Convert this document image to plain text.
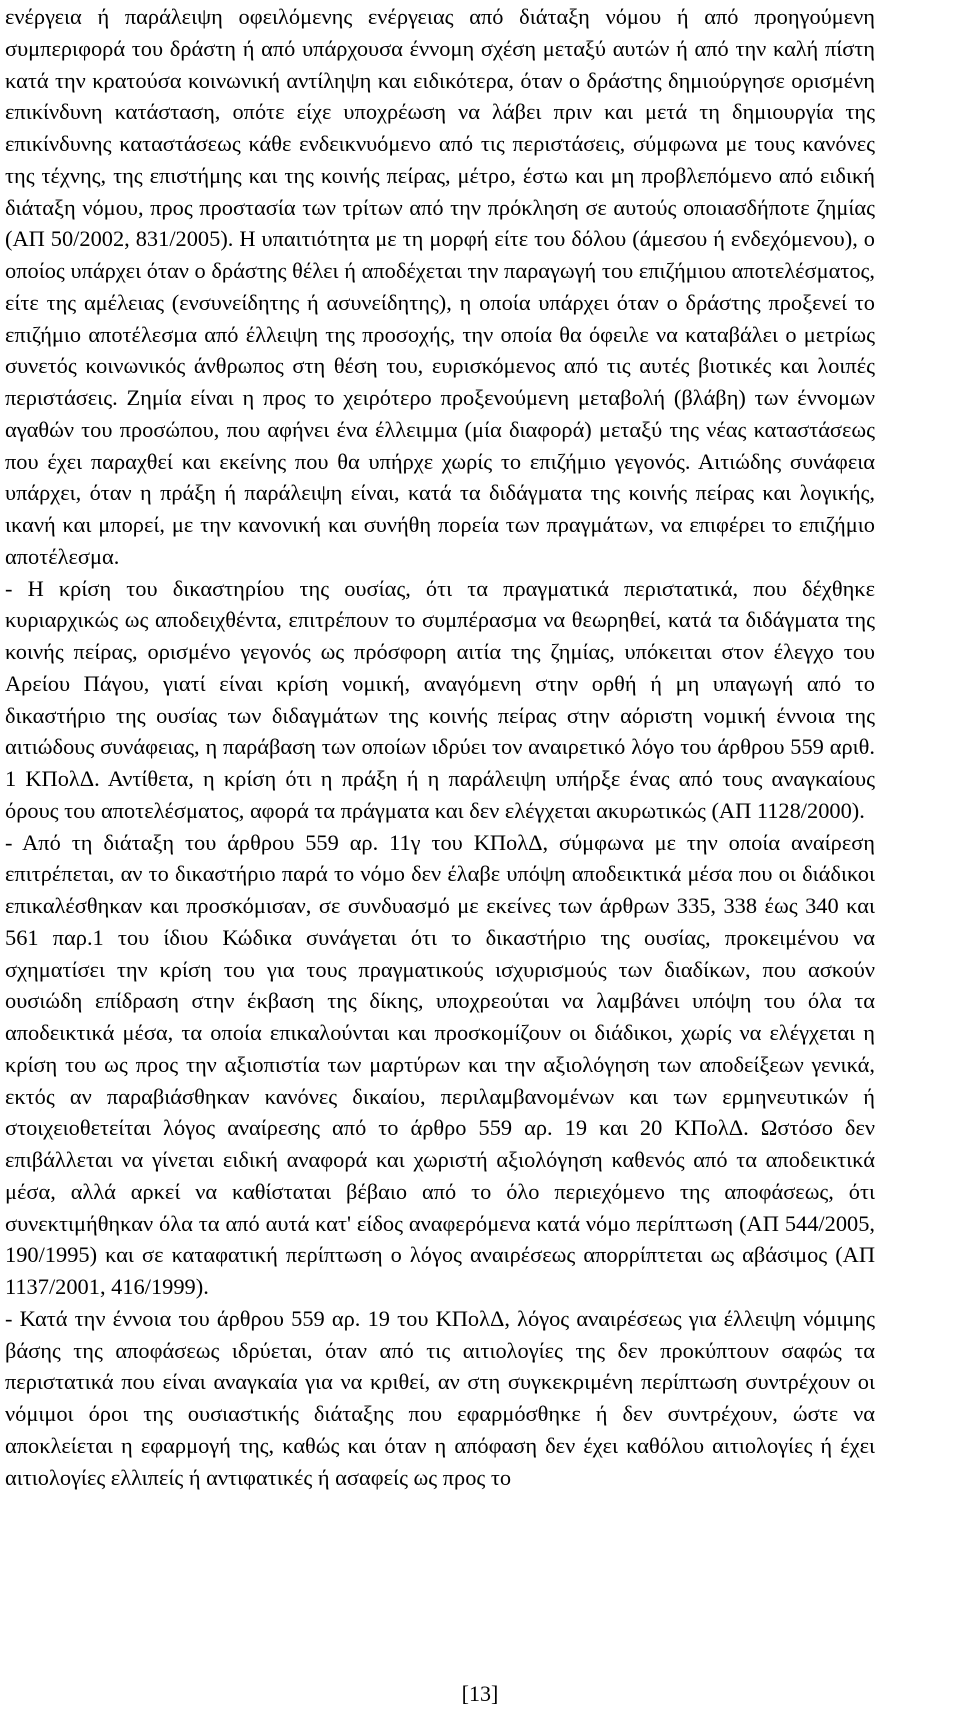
ενέργεια ή παράλειψη οφειλόμενης ενέργειας από διάταξη νόμου ή από προηγούμενη συμπεριφορά του δράστη ή από υπάρχουσα έννομη σχέση μεταξύ αυτών ή από την καλή πίστη κατά την κρατούσα κοινωνική αντίληψη και ειδικότερα, όταν ο δράστης δημιούργησε ορισμένη επικίνδυνη κατάσταση, οπότε είχε υποχρέωση να λάβει πριν και μετά τη δημιουργία της επικίνδυνης καταστάσεως κάθε ενδεικνυόμενο από τις περιστάσεις, σύμφωνα με τους κανόνες της τέχνης, της επιστήμης και της κοινής πείρας, μέτρο, έστω και μη προβλεπόμενο από ειδική διάταξη νόμου, προς προστασία των τρίτων από την πρόκληση σε αυτούς οποιασδήποτε ζημίας (ΑΠ 50/2002, 831/2005). Η υπαιτιότητα με τη μορφή είτε του δόλου (άμεσου ή ενδεχόμενου), ο οποίος υπάρχει όταν ο δράστης θέλει ή αποδέχεται την παραγωγή του επιζήμιου αποτελέσματος, είτε της αμέλειας (ενσυνείδητης ή ασυνείδητης), η οποία υπάρχει όταν ο δράστης προξενεί το επιζήμιο αποτέλεσμα από έλλειψη της προσοχής, την οποία θα όφειλε να καταβάλει ο μετρίως συνετός κοινωνικός άνθρωπος στη θέση του, ευρισκόμενος από τις αυτές βιοτικές και λοιπές περιστάσεις. Ζημία είναι η προς το χειρότερο προξενούμενη μεταβολή (βλάβη) των έννομων αγαθών του προσώπου, που αφήνει ένα έλλειμμα (μία διαφορά) μεταξύ της νέας καταστάσεως που έχει παραχθεί και εκείνης που θα υπήρχε χωρίς το επιζήμιο γεγονός. Αιτιώδης συνάφεια υπάρχει, όταν η πράξη ή παράλειψη είναι, κατά τα διδάγματα της κοινής πείρας και λογικής, ικανή και μπορεί, με την κανονική και συνήθη πορεία των πραγμάτων, να επιφέρει το επιζήμιο αποτέλεσμα.

- Η κρίση του δικαστηρίου της ουσίας, ότι τα πραγματικά περιστατικά, που δέχθηκε κυριαρχικώς ως αποδειχθέντα, επιτρέπουν το συμπέρασμα να θεωρηθεί, κατά τα διδάγματα της κοινής πείρας, ορισμένο γεγονός ως πρόσφορη αιτία της ζημίας, υπόκειται στον έλεγχο του Αρείου Πάγου, γιατί είναι κρίση νομική, αναγόμενη στην ορθή ή μη υπαγωγή από το δικαστήριο της ουσίας των διδαγμάτων της κοινής πείρας στην αόριστη νομική έννοια της αιτιώδους συνάφειας, η παράβαση των οποίων ιδρύει τον αναιρετικό λόγο του άρθρου 559 αριθ. 1 ΚΠολΔ. Αντίθετα, η κρίση ότι η πράξη ή η παράλειψη υπήρξε ένας από τους αναγκαίους όρους του αποτελέσματος, αφορά τα πράγματα και δεν ελέγχεται ακυρωτικώς (ΑΠ 1128/2000).

- Από τη διάταξη του άρθρου 559 αρ. 11γ του ΚΠολΔ, σύμφωνα με την οποία αναίρεση επιτρέπεται, αν το δικαστήριο παρά το νόμο δεν έλαβε υπόψη αποδεικτικά μέσα που οι διάδικοι επικαλέσθηκαν και προσκόμισαν, σε συνδυασμό με εκείνες των άρθρων 335, 338 έως 340 και 561 παρ.1 του ίδιου Κώδικα συνάγεται ότι το δικαστήριο της ουσίας, προκειμένου να σχηματίσει την κρίση του για τους πραγματικούς ισχυρισμούς των διαδίκων, που ασκούν ουσιώδη επίδραση στην έκβαση της δίκης, υποχρεούται να λαμβάνει υπόψη του όλα τα αποδεικτικά μέσα, τα οποία επικαλούνται και προσκομίζουν οι διάδικοι, χωρίς να ελέγχεται η κρίση του ως προς την αξιοπιστία των μαρτύρων και την αξιολόγηση των αποδείξεων γενικά, εκτός αν παραβιάσθηκαν κανόνες δικαίου, περιλαμβανομένων και των ερμηνευτικών ή στοιχειοθετείται λόγος αναίρεσης από το άρθρο 559 αρ. 19 και 20 ΚΠολΔ. Ωστόσο δεν επιβάλλεται να γίνεται ειδική αναφορά και χωριστή αξιολόγηση καθενός από τα αποδεικτικά μέσα, αλλά αρκεί να καθίσταται βέβαιο από το όλο περιεχόμενο της αποφάσεως, ότι συνεκτιμήθηκαν όλα τα από αυτά κατ' είδος αναφερόμενα κατά νόμο περίπτωση (ΑΠ 544/2005, 190/1995) και σε καταφατική περίπτωση ο λόγος αναιρέσεως απορρίπτεται ως αβάσιμος (ΑΠ 1137/2001, 416/1999).

- Κατά την έννοια του άρθρου 559 αρ. 19 του ΚΠολΔ, λόγος αναιρέσεως για έλλειψη νόμιμης βάσης της αποφάσεως ιδρύεται, όταν από τις αιτιολογίες της δεν προκύπτουν σαφώς τα περιστατικά που είναι αναγκαία για να κριθεί, αν στη συγκεκριμένη περίπτωση συντρέχουν οι νόμιμοι όροι της ουσιαστικής διάταξης που εφαρμόσθηκε ή δεν συντρέχουν, ώστε να αποκλείεται η εφαρμογή της, καθώς και όταν η απόφαση δεν έχει καθόλου αιτιολογίες ή έχει αιτιολογίες ελλιπείς ή αντιφατικές ή ασαφείς ως προς το

[13]
